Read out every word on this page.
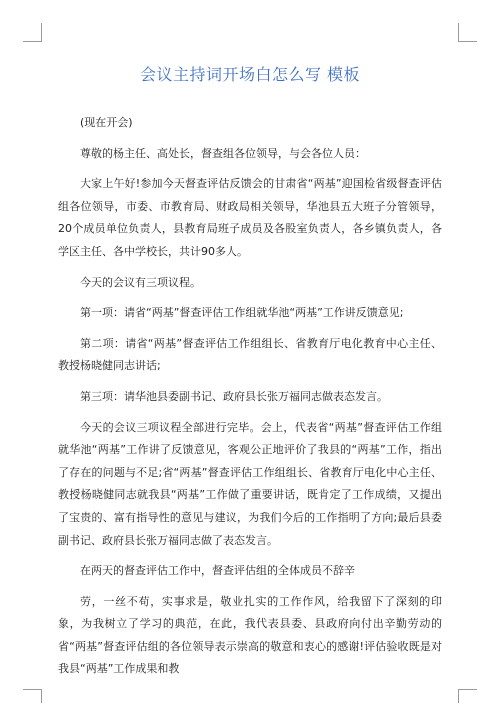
会议主持词开场白怎么写 模板

(现在开会)

尊敬的杨主任、高处长，督查组各位领导，与会各位人员：

大家上午好!参加今天督查评估反馈会的甘肃省“两基”迎国检省级督查评估组各位领导，市委、市教育局、财政局相关领导，华池县五大班子分管领导，20个成员单位负责人，县教育局班子成员及各股室负责人，各乡镇负责人，各学区主任、各中学校长，共计90多人。

今天的会议有三项议程。

第一项：请省“两基”督查评估工作组就华池“两基”工作讲反馈意见;

第二项：请省“两基”督查评估工作组组长、省教育厅电化教育中心主任、教授杨晓健同志讲话;

第三项：请华池县委副书记、政府县长张万福同志做表态发言。

今天的会议三项议程全部进行完毕。会上，代表省“两基”督查评估工作组就华池“两基”工作讲了反馈意见，客观公正地评价了我县的“两基”工作，指出了存在的问题与不足;省“两基”督查评估工作组组长、省教育厅电化中心主任、教授杨晓健同志就我县“两基”工作做了重要讲话，既肯定了工作成绩，又提出了宝贵的、富有指导性的意见与建议，为我们今后的工作指明了方向;最后县委副书记、政府县长张万福同志做了表态发言。

在两天的督查评估工作中，督查评估组的全体成员不辞辛

劳，一丝不苟，实事求是，敬业扎实的工作作风，给我留下了深刻的印象，为我树立了学习的典范，在此，我代表县委、县政府向付出辛勤劳动的省“两基”督查评估组的各位领导表示崇高的敬意和衷心的感谢!评估验收既是对我县“两基”工作成果和教
